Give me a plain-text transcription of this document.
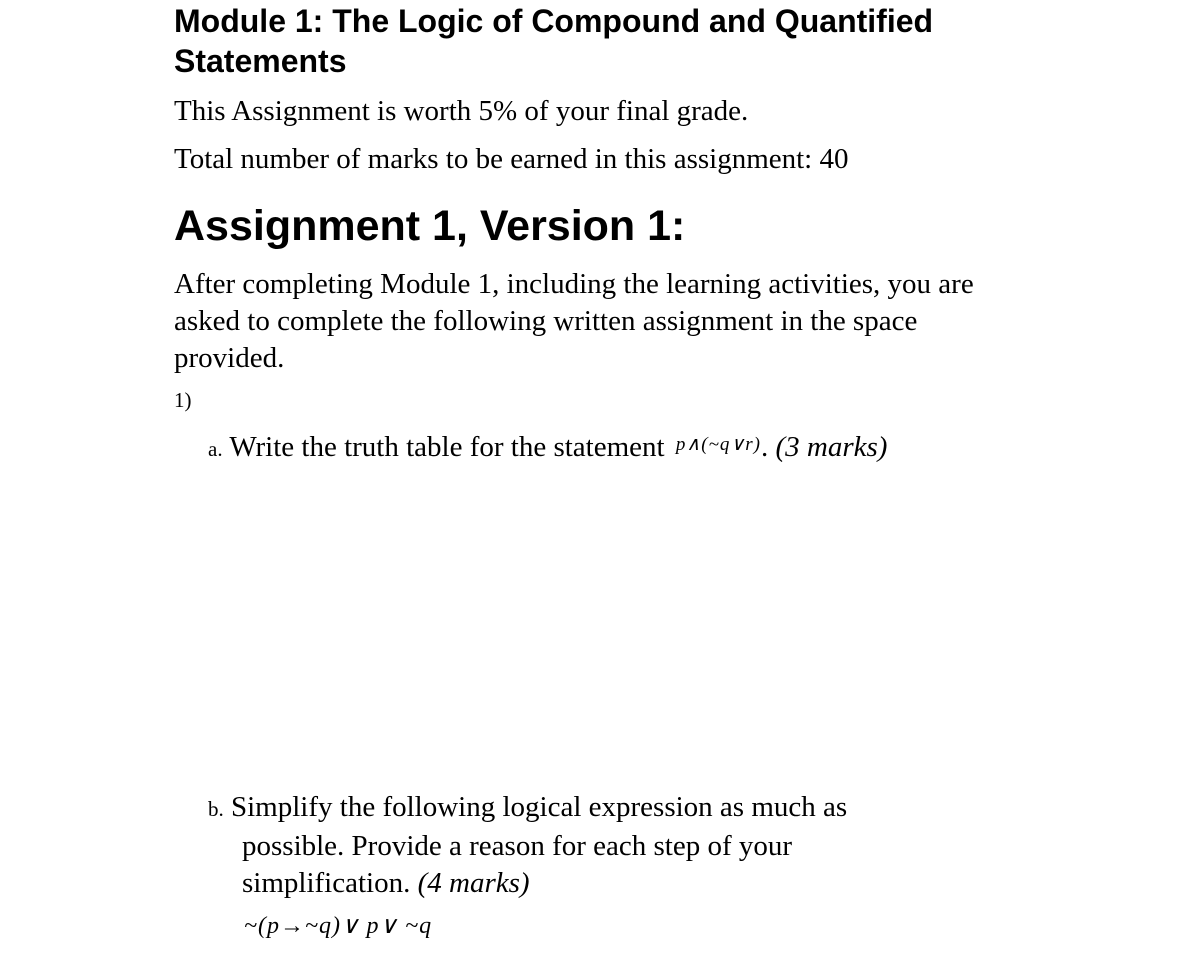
Module 1: The Logic of Compound and Quantified Statements
This Assignment is worth 5% of your final grade.
Total number of marks to be earned in this assignment: 40
Assignment 1, Version 1:
After completing Module 1, including the learning activities, you are asked to complete the following written assignment in the space provided.
1)
a. Write the truth table for the statement $^{p\wedge(\sim q\vee r)}$. (3 marks)
b. Simplify the following logical expression as much as possible. Provide a reason for each step of your simplification. (4 marks)
~(p→~q)∨ p∨ ~q
